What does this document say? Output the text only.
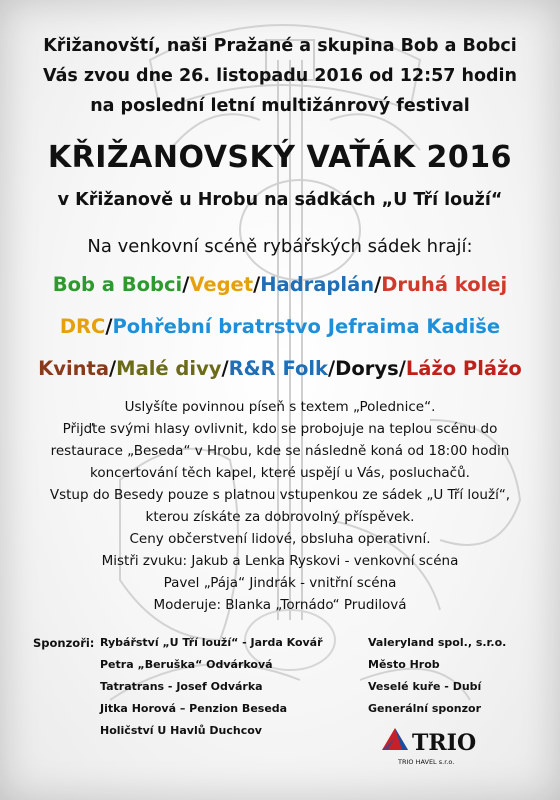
Křižanovští, naši Pražané a skupina Bob a Bobci
Vás zvou dne 26. listopadu 2016 od 12:57 hodin
na poslední letní multižánrový festival
KŘIŽANOVSKÝ VAŤÁK 2016
v Křižanově u Hrobu na sádkách „U Tří louží“
Na venkovní scéně rybářských sádek hrají:
Bob a Bobci/Veget/Hadraplán/Druhá kolej
DRC/Pohřební bratrstvo Jefraima Kadiše
Kvinta/Malé divy/R&R Folk/Dorys/Lážo Plážo
Uslyšíte povinnou píseň s textem „Polednice“.
Přijďte svými hlasy ovlivnit, kdo se probojuje na teplou scénu do
restaurace „Beseda“ v Hrobu, kde se následně koná od 18:00 hodin
koncertování těch kapel, které uspějí u Vás, posluchačů.
Vstup do Besedy pouze s platnou vstupenkou ze sádek „U Tří louží“,
kterou získáte za dobrovolný příspěvek.
Ceny občerstvení lidové, obsluha operativní.
Mistři zvuku: Jakub a Lenka Ryskovi - venkovní scéna
Pavel „Pája“ Jindrák - vnitřní scéna
Moderuje: Blanka „Tornádo“ Prudilová
Sponzoři: Rybářství „U Tří louží“ - Jarda Kovář
Petra „Beruška“ Odvárková
Tatratrans - Josef Odvárka
Jitka Horová – Penzion Beseda
Holičství U Havlů Duchcov
Valeryland spol., s.r.o.
Město Hrob
Veselé kuře - Dubí
Generální sponzor
TRIO
TRIO HAVEL s.r.o.
